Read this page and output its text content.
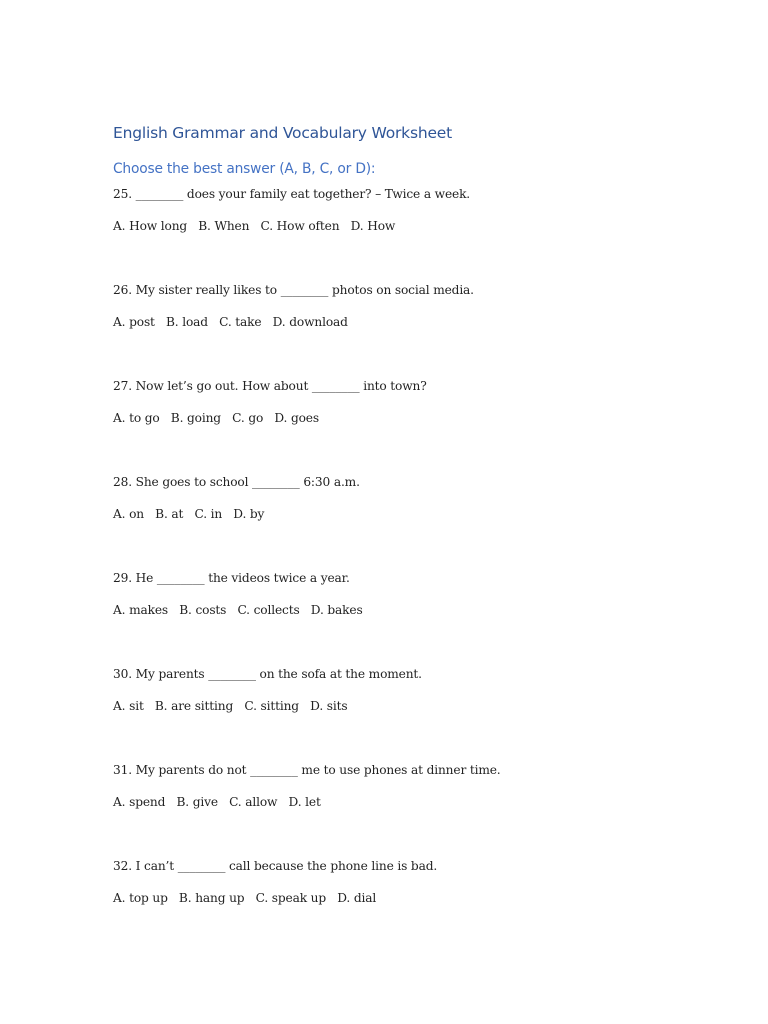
English Grammar and Vocabulary Worksheet
Choose the best answer (A, B, C, or D):
25. ________ does your family eat together? – Twice a week.
A. How long   B. When   C. How often   D. How
26. My sister really likes to ________ photos on social media.
A. post   B. load   C. take   D. download
27. Now let’s go out. How about ________ into town?
A. to go   B. going   C. go   D. goes
28. She goes to school ________ 6:30 a.m.
A. on   B. at   C. in   D. by
29. He ________ the videos twice a year.
A. makes   B. costs   C. collects   D. bakes
30. My parents ________ on the sofa at the moment.
A. sit   B. are sitting   C. sitting   D. sits
31. My parents do not ________ me to use phones at dinner time.
A. spend   B. give   C. allow   D. let
32. I can’t ________ call because the phone line is bad.
A. top up   B. hang up   C. speak up   D. dial
